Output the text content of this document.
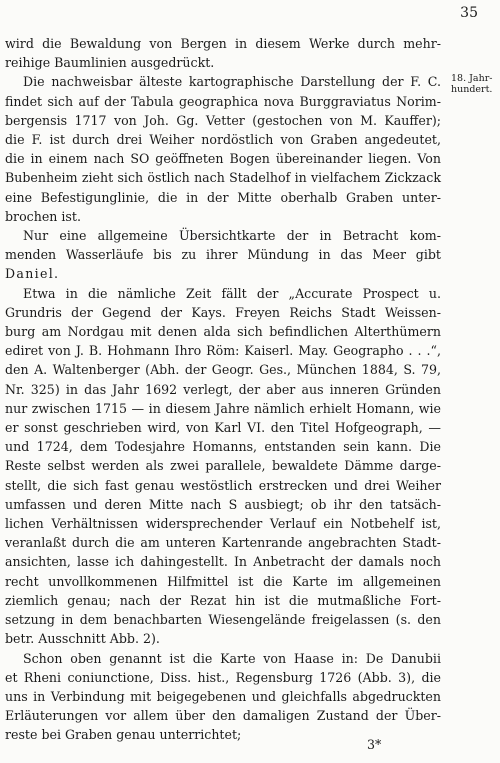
35
18. Jahr-hundert.

wird die Bewaldung von Bergen in diesem Werke durch mehr-
reihige Baumlinien ausgedrückt.

Die nachweisbar älteste kartographische Darstellung der F. C.
findet sich auf der Tabula geographica nova Burggraviatus Norim-
bergensis 1717 von Joh. Gg. Vetter (gestochen von M. Kauffer);
die F. ist durch drei Weiher nordöstlich von Graben angedeutet,
die in einem nach SO geöffneten Bogen übereinander liegen. Von
Bubenheim zieht sich östlich nach Stadelhof in vielfachem Zickzack
eine Befestigunglinie, die in der Mitte oberhalb Graben unter-
brochen ist.

Nur eine allgemeine Übersichtkarte der in Betracht kom-
menden Wasserläufe bis zu ihrer Mündung in das Meer gibt
Daniel.

Etwa in die nämliche Zeit fällt der „Accurate Prospect u.
Grundris der Gegend der Kays. Freyen Reichs Stadt Weissen-
burg am Nordgau mit denen alda sich befindlichen Alterthümern
ediret von J. B. Hohmann Ihro Röm: Kaiserl. May. Geographo . . .“,
den A. Waltenberger (Abh. der Geogr. Ges., München 1884, S. 79,
Nr. 325) in das Jahr 1692 verlegt, der aber aus inneren Gründen
nur zwischen 1715 — in diesem Jahre nämlich erhielt Homann, wie
er sonst geschrieben wird, von Karl VI. den Titel Hofgeograph, —
und 1724, dem Todesjahre Homanns, entstanden sein kann. Die
Reste selbst werden als zwei parallele, bewaldete Dämme darge-
stellt, die sich fast genau westöstlich erstrecken und drei Weiher
umfassen und deren Mitte nach S ausbiegt; ob ihr den tatsäch-
lichen Verhältnissen widersprechender Verlauf ein Notbehelf ist,
veranlaßt durch die am unteren Kartenrande angebrachten Stadt-
ansichten, lasse ich dahingestellt. In Anbetracht der damals noch
recht unvollkommenen Hilfmittel ist die Karte im allgemeinen
ziemlich genau; nach der Rezat hin ist die mutmaßliche Fort-
setzung in dem benachbarten Wiesengelände freigelassen (s. den
betr. Ausschnitt Abb. 2).

Schon oben genannt ist die Karte von Haase in: De Danubii
et Rheni coniunctione, Diss. hist., Regensburg 1726 (Abb. 3), die
uns in Verbindung mit beigegebenen und gleichfalls abgedruckten
Erläuterungen vor allem über den damaligen Zustand der Über-
reste bei Graben genau unterrichtet;

3*
